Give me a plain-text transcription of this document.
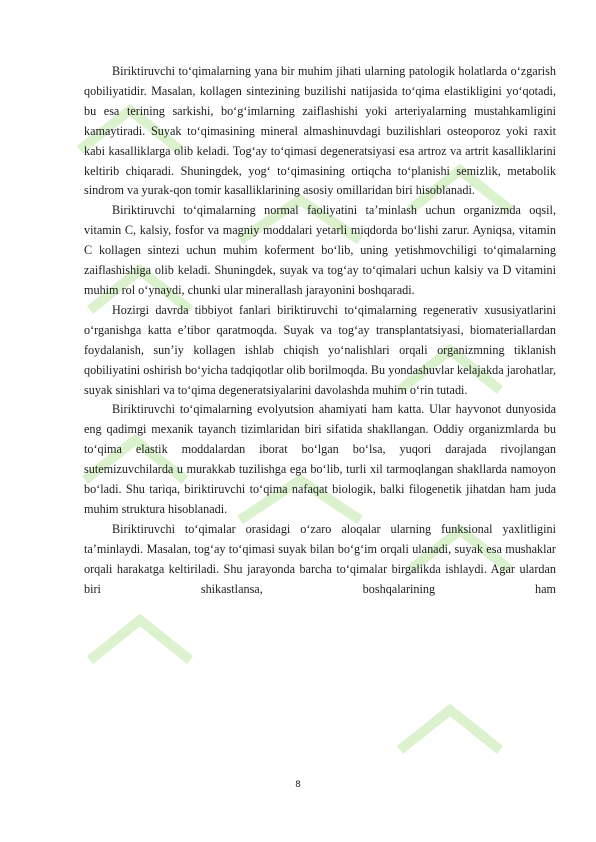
Biriktiruvchi to‘qimalarning yana bir muhim jihati ularning patologik holatlarda o‘zgarish qobiliyatidir. Masalan, kollagen sintezining buzilishi natijasida to‘qima elastikligini yo‘qotadi, bu esa terining sarkishi, bo‘g‘imlarning zaiflashishi yoki arteriyalarning mustahkamligini kamaytiradi. Suyak to‘qimasining mineral almashinuvdagi buzilishlari osteoporoz yoki raxit kabi kasalliklarga olib keladi. Tog‘ay to‘qimasi degeneratsiyasi esa artroz va artrit kasalliklarini keltirib chiqaradi. Shuningdek, yog‘ to‘qimasining ortiqcha to‘planishi semizlik, metabolik sindrom va yurak-qon tomir kasalliklarining asosiy omillaridan biri hisoblanadi.

Biriktiruvchi to‘qimalarning normal faoliyatini ta’minlash uchun organizmda oqsil, vitamin C, kalsiy, fosfor va magniy moddalari yetarli miqdorda bo‘lishi zarur. Ayniqsa, vitamin C kollagen sintezi uchun muhim koferment bo‘lib, uning yetishmovchiligi to‘qimalarning zaiflashishiga olib keladi. Shuningdek, suyak va tog‘ay to‘qimalari uchun kalsiy va D vitamini muhim rol o‘ynaydi, chunki ular minerallash jarayonini boshqaradi.

Hozirgi davrda tibbiyot fanlari biriktiruvchi to‘qimalarning regenerativ xususiyatlarini o‘rganishga katta e’tibor qaratmoqda. Suyak va tog‘ay transplantatsiyasi, biomateriallardan foydalanish, sun’iy kollagen ishlab chiqish yo‘nalishlari orqali organizmning tiklanish qobiliyatini oshirish bo‘yicha tadqiqotlar olib borilmoqda. Bu yondashuvlar kelajakda jarohatlar, suyak sinishlari va to‘qima degeneratsiyalarini davolashda muhim o‘rin tutadi.

Biriktiruvchi to‘qimalarning evolyutsion ahamiyati ham katta. Ular hayvonot dunyosida eng qadimgi mexanik tayanch tizimlaridan biri sifatida shakllangan. Oddiy organizmlarda bu to‘qima elastik moddalardan iborat bo‘lgan bo‘lsa, yuqori darajada rivojlangan sutemizuvchilarda u murakkab tuzilishga ega bo‘lib, turli xil tarmoqlangan shakllarda namoyon bo‘ladi. Shu tariqa, biriktiruvchi to‘qima nafaqat biologik, balki filogenetik jihatdan ham juda muhim struktura hisoblanadi.

Biriktiruvchi to‘qimalar orasidagi o‘zaro aloqalar ularning funksional yaxlitligini ta’minlaydi. Masalan, tog‘ay to‘qimasi suyak bilan bo‘g‘im orqali ulanadi, suyak esa mushaklar orqali harakatga keltiriladi. Shu jarayonda barcha to‘qimalar birgalikda ishlaydi. Agar ulardan biri shikastlansa, boshqalarining ham

8
